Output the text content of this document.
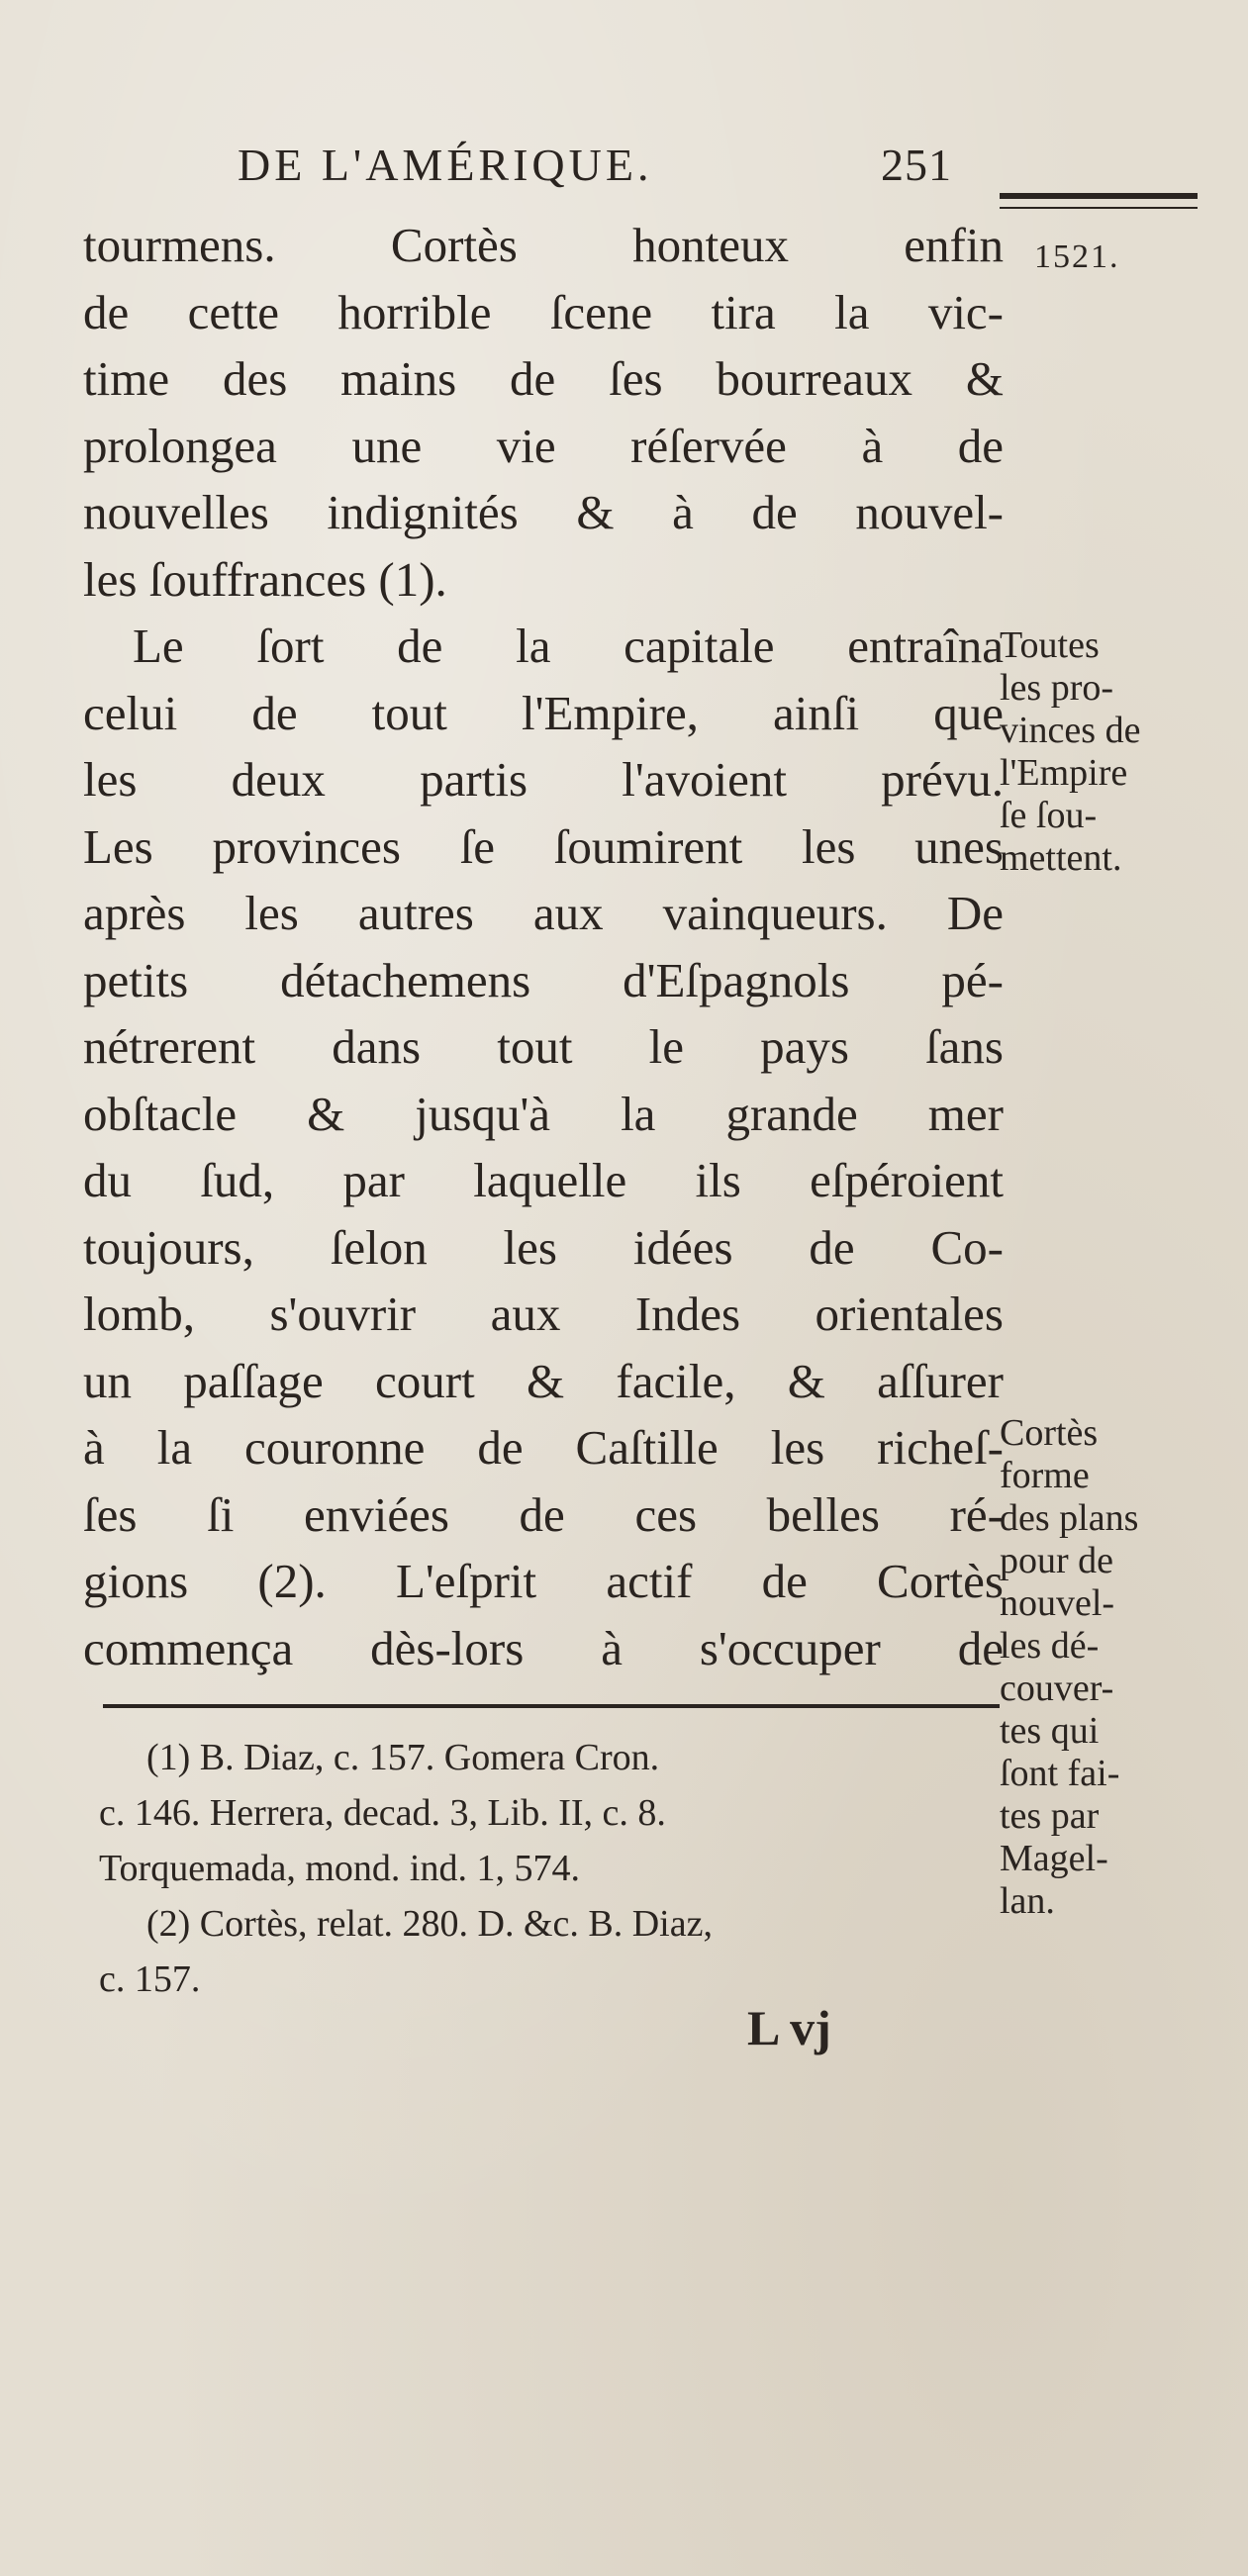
DE L'AMÉRIQUE.	251
1521.
tourmens. Cortès honteux enfin
de cette horrible ſcene tira la vic-
time des mains de ſes bourreaux &
prolongea une vie réſervée à de
nouvelles indignités & à de nouvel-
les ſouffrances (1).
Le ſort de la capitale entraîna
celui de tout l'Empire, ainſi que
les deux partis l'avoient prévu.
Les provinces ſe ſoumirent les unes
après les autres aux vainqueurs. De
petits détachemens d'Eſpagnols pé-
nétrerent dans tout le pays ſans
obſtacle & jusqu'à la grande mer
du ſud, par laquelle ils eſpéroient
toujours, ſelon les idées de Co-
lomb, s'ouvrir aux Indes orientales
un paſſage court & facile, & aſſurer
à la couronne de Caſtille les richeſ-
ſes ſi enviées de ces belles ré-
gions (2). L'eſprit actif de Cortès
commença dès-lors à s'occuper de
Toutes
les pro-
vinces de
l'Empire
ſe ſou-
mettent.
Cortès
forme
des plans
pour de
nouvel-
les dé-
couver-
tes qui
ſont fai-
tes par
Magel-
lan.
(1) B. Diaz, c. 157. Gomera Cron.
c. 146. Herrera, decad. 3, Lib. II, c. 8.
Torquemada, mond. ind. 1, 574.
(2) Cortès, relat. 280. D. &c. B. Diaz,
c. 157.
L vj
